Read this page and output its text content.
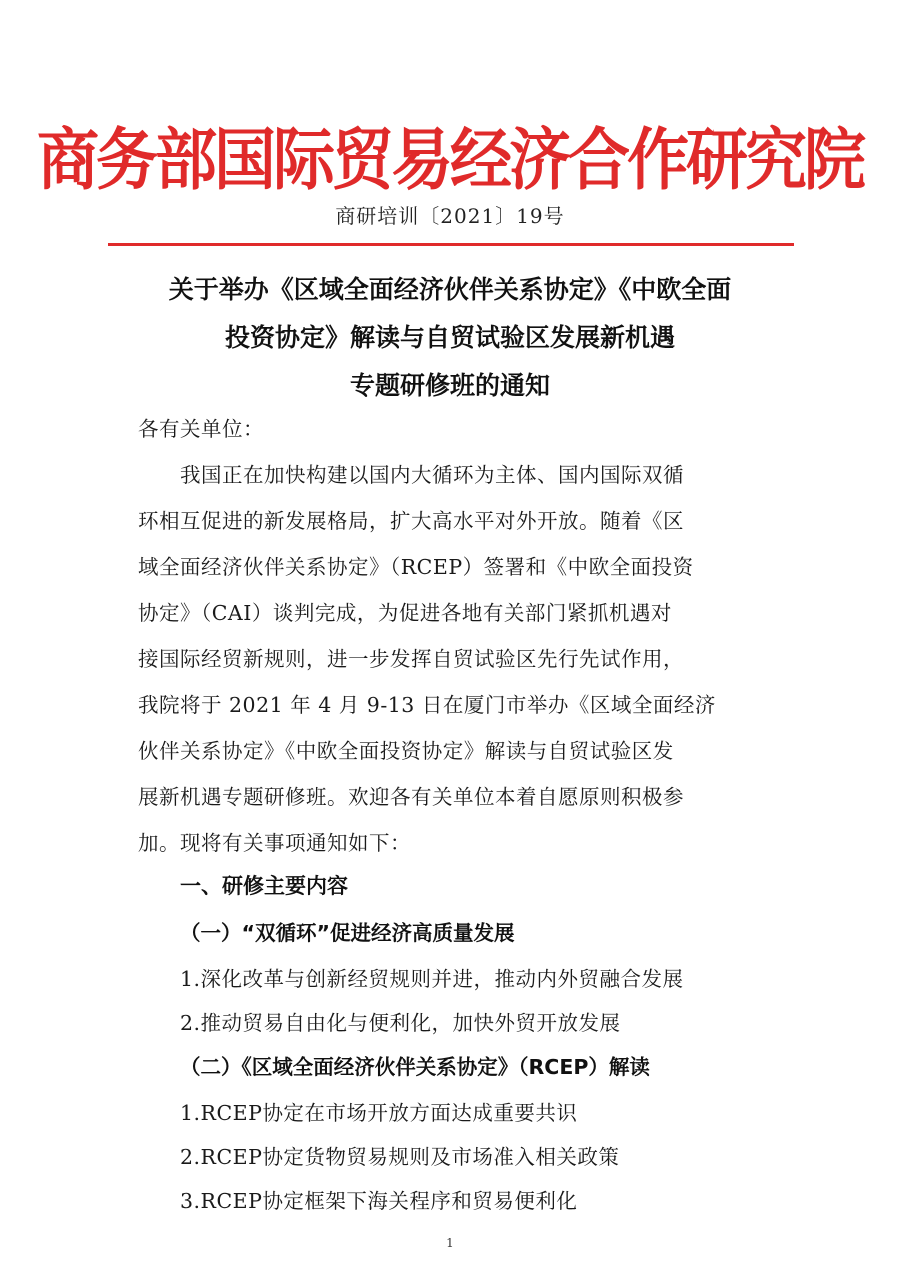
商务部国际贸易经济合作研究院
商研培训〔2021〕19号
关于举办《区域全面经济伙伴关系协定》《中欧全面
投资协定》解读与自贸试验区发展新机遇
专题研修班的通知
各有关单位：
我国正在加快构建以国内大循环为主体、国内国际双循
环相互促进的新发展格局，扩大高水平对外开放。随着《区
域全面经济伙伴关系协定》（RCEP）签署和《中欧全面投资
协定》（CAI）谈判完成，为促进各地有关部门紧抓机遇对
接国际经贸新规则，进一步发挥自贸试验区先行先试作用，
我院将于 2021 年 4 月 9-13 日在厦门市举办《区域全面经济
伙伴关系协定》《中欧全面投资协定》解读与自贸试验区发
展新机遇专题研修班。欢迎各有关单位本着自愿原则积极参
加。现将有关事项通知如下：
一、研修主要内容
（一）“双循环”促进经济高质量发展
1.深化改革与创新经贸规则并进，推动内外贸融合发展
2.推动贸易自由化与便利化，加快外贸开放发展
（二）《区域全面经济伙伴关系协定》（RCEP）解读
1.RCEP协定在市场开放方面达成重要共识
2.RCEP协定货物贸易规则及市场准入相关政策
3.RCEP协定框架下海关程序和贸易便利化
1
